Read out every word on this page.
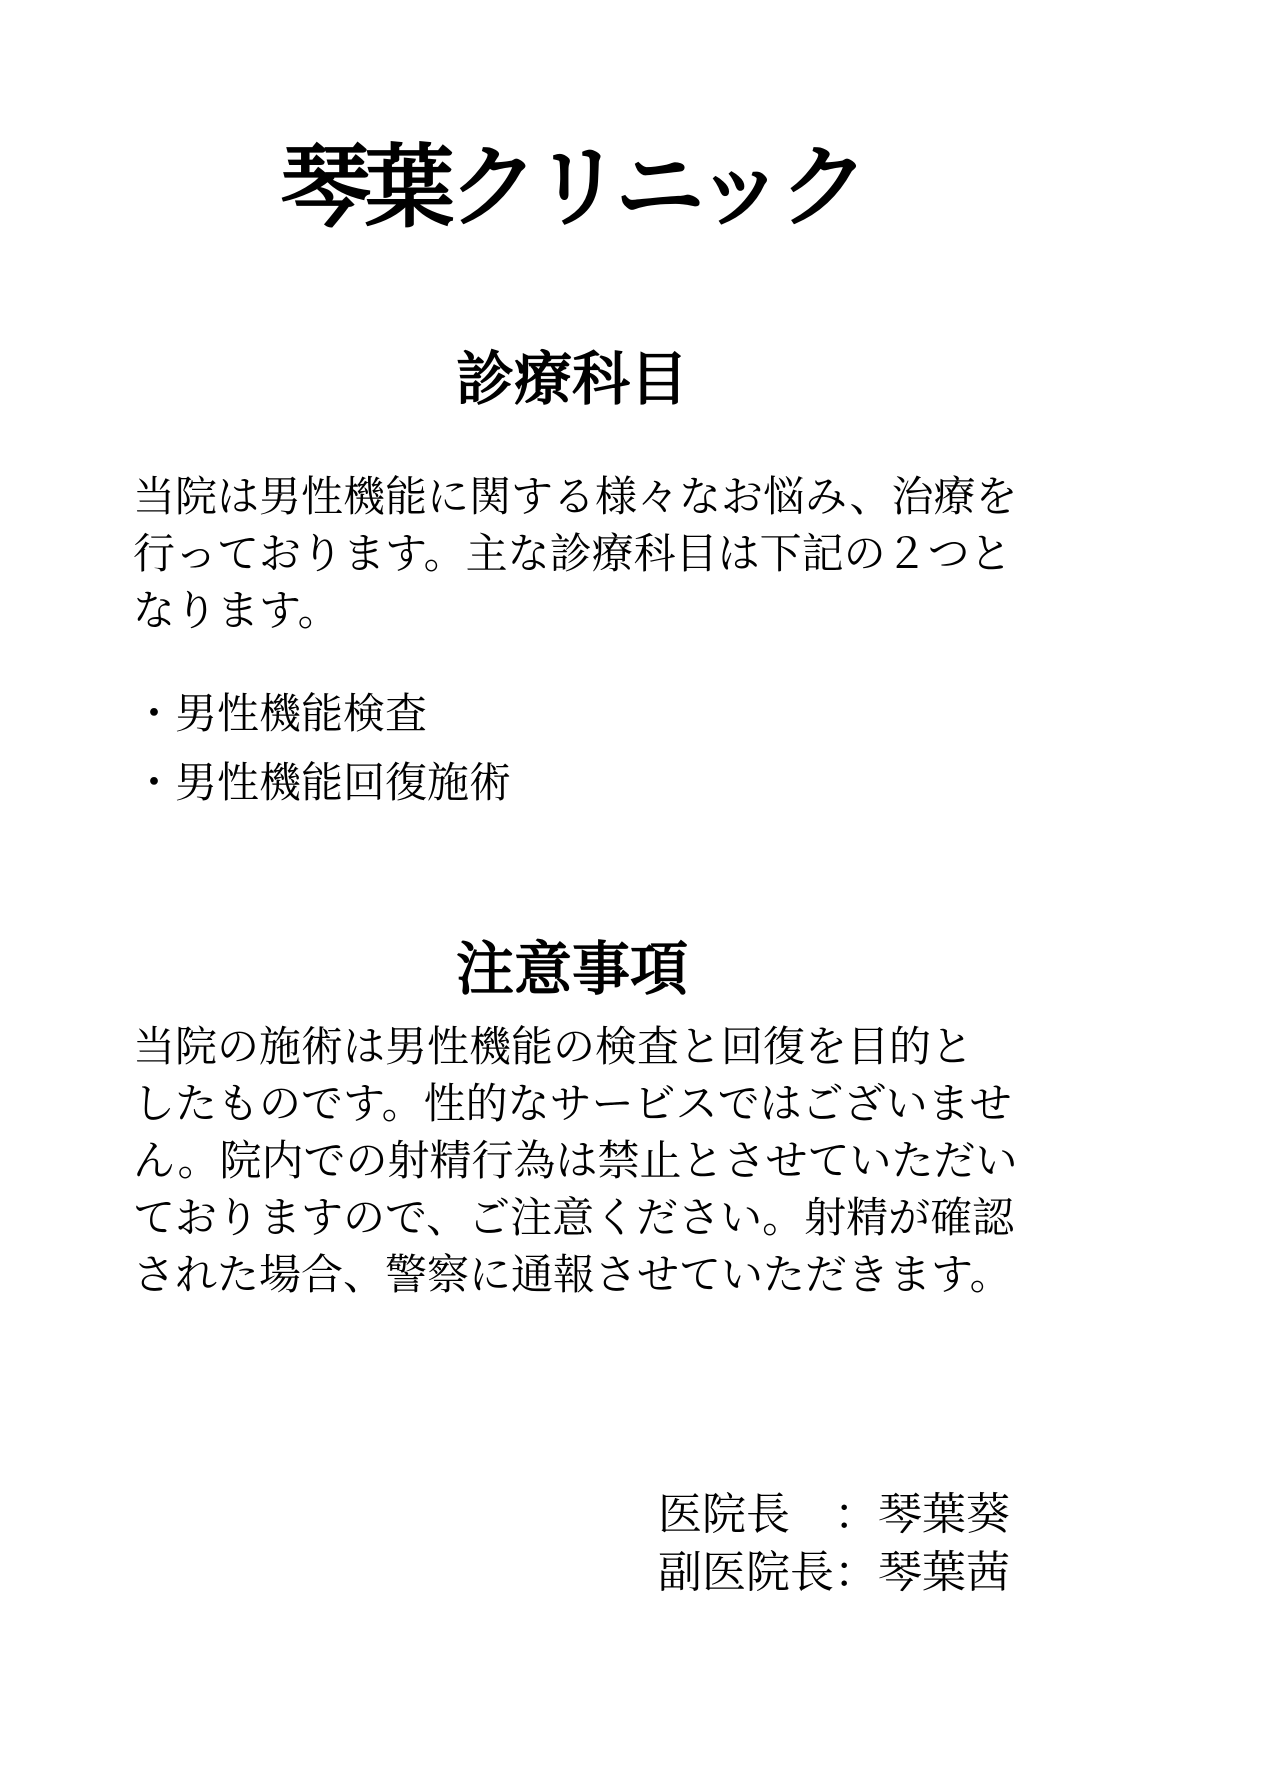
琴葉クリニック
診療科目
当院は男性機能に関する様々なお悩み、治療を
行っております。主な診療科目は下記の２つと
なります。
・男性機能検査
・男性機能回復施術
注意事項
当院の施術は男性機能の検査と回復を目的と
したものです。性的なサービスではございませ
ん。院内での射精行為は禁止とさせていただい
ておりますので、ご注意ください。射精が確認
された場合、警察に通報させていただきます。
医院長　：琴葉葵
副医院長：琴葉茜
